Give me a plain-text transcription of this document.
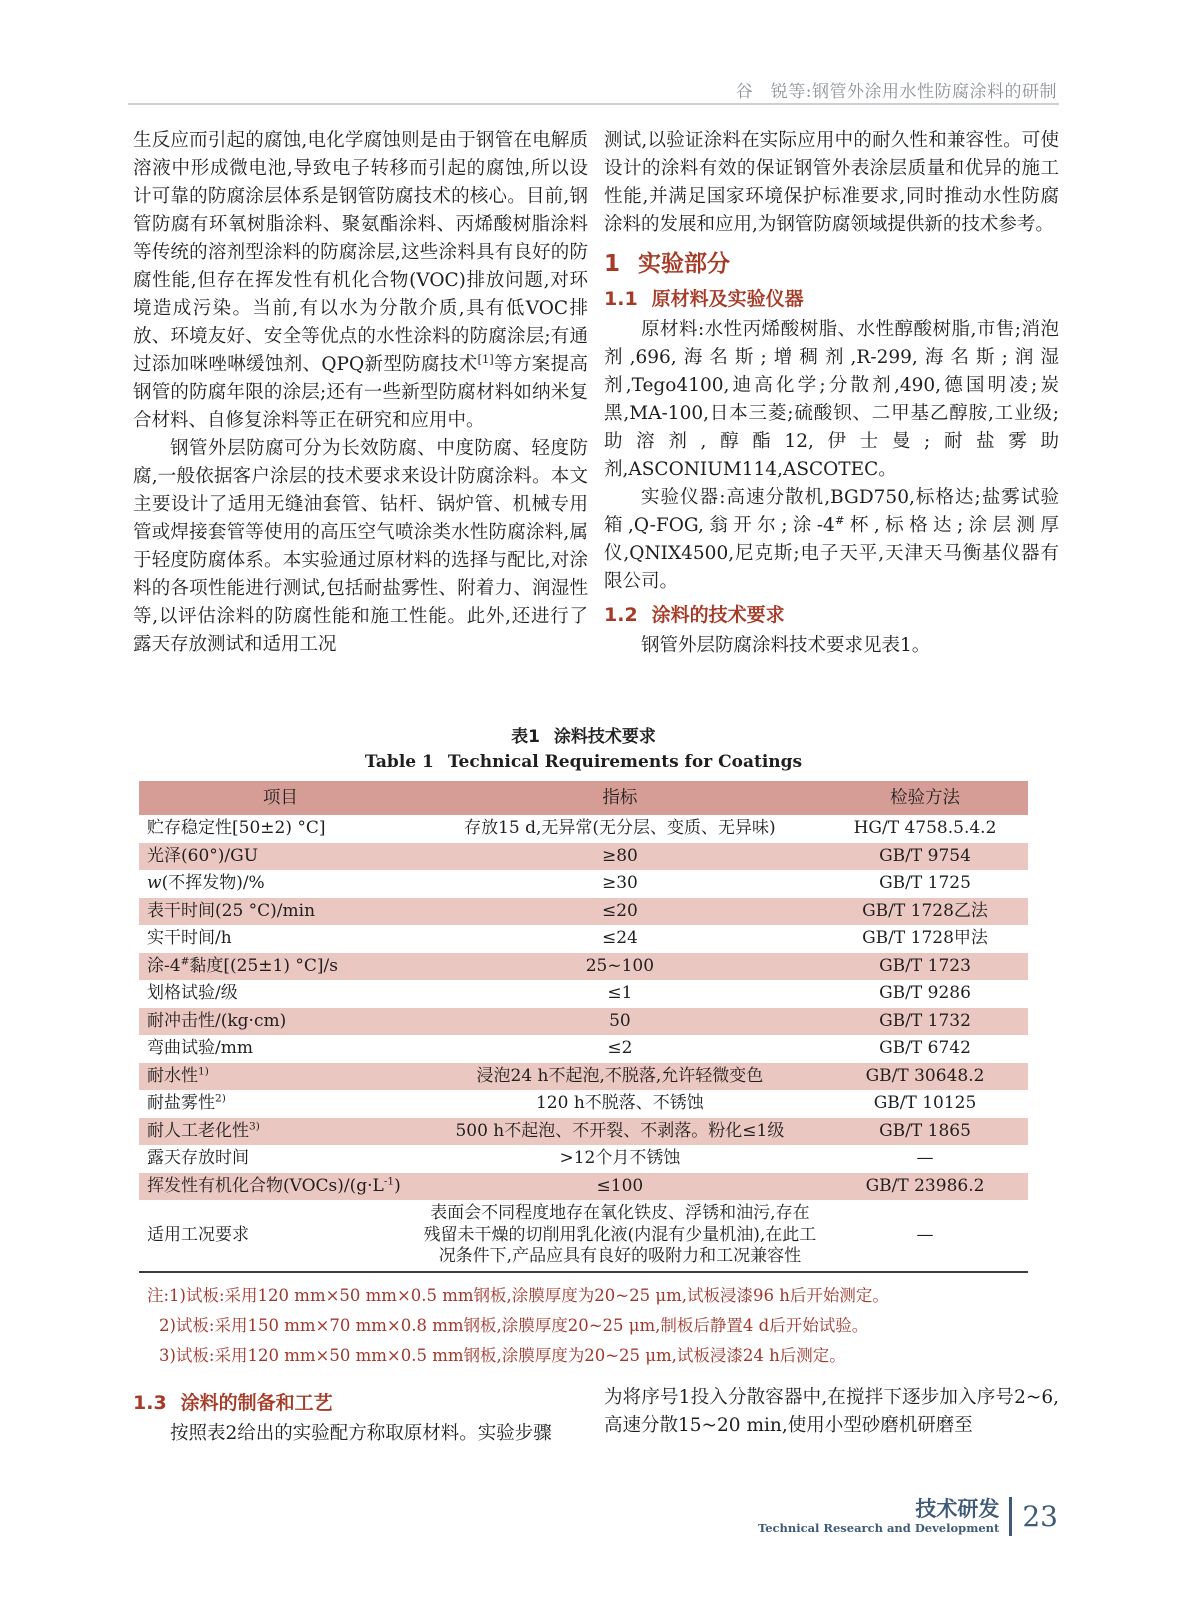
谷　锐等:钢管外涂用水性防腐涂料的研制

生反应而引起的腐蚀,电化学腐蚀则是由于钢管在电解质溶液中形成微电池,导致电子转移而引起的腐蚀,所以设计可靠的防腐涂层体系是钢管防腐技术的核心。目前,钢管防腐有环氧树脂涂料、聚氨酯涂料、丙烯酸树脂涂料等传统的溶剂型涂料的防腐涂层,这些涂料具有良好的防腐性能,但存在挥发性有机化合物(VOC)排放问题,对环境造成污染。当前,有以水为分散介质,具有低VOC排放、环境友好、安全等优点的水性涂料的防腐涂层;有通过添加咪唑啉缓蚀剂、QPQ新型防腐技术[1]等方案提高钢管的防腐年限的涂层;还有一些新型防腐材料如纳米复合材料、自修复涂料等正在研究和应用中。

钢管外层防腐可分为长效防腐、中度防腐、轻度防腐,一般依据客户涂层的技术要求来设计防腐涂料。本文主要设计了适用无缝油套管、钻杆、锅炉管、机械专用管或焊接套管等使用的高压空气喷涂类水性防腐涂料,属于轻度防腐体系。本实验通过原材料的选择与配比,对涂料的各项性能进行测试,包括耐盐雾性、附着力、润湿性等,以评估涂料的防腐性能和施工性能。此外,还进行了露天存放测试和适用工况

测试,以验证涂料在实际应用中的耐久性和兼容性。可使设计的涂料有效的保证钢管外表涂层质量和优异的施工性能,并满足国家环境保护标准要求,同时推动水性防腐涂料的发展和应用,为钢管防腐领域提供新的技术参考。

1 实验部分
1.1 原材料及实验仪器

原材料:水性丙烯酸树脂、水性醇酸树脂,市售;消泡剂,696,海名斯;增稠剂,R-299,海名斯;润湿剂,Tego4100,迪高化学;分散剂,490,德国明凌;炭黑,MA-100,日本三菱;硫酸钡、二甲基乙醇胺,工业级;助溶剂,醇酯12,伊士曼;耐盐雾助剂,ASCONIUM114,ASCOTEC。

实验仪器:高速分散机,BGD750,标格达;盐雾试验箱,Q-FOG,翁开尔;涂-4#杯,标格达;涂层测厚仪,QNIX4500,尼克斯;电子天平,天津天马衡基仪器有限公司。

1.2 涂料的技术要求

钢管外层防腐涂料技术要求见表1。

表1 涂料技术要求
Table 1 Technical Requirements for Coatings
项目	指标	检验方法
贮存稳定性[50±2) °C]	存放15 d,无异常(无分层、变质、无异味)	HG/T 4758.5.4.2
光泽(60°)/GU	≥80	GB/T 9754
w(不挥发物)/%	≥30	GB/T 1725
表干时间(25 °C)/min	≤20	GB/T 1728乙法
实干时间/h	≤24	GB/T 1728甲法
涂-4#黏度[(25±1) °C]/s	25~100	GB/T 1723
划格试验/级	≤1	GB/T 9286
耐冲击性/(kg·cm)	50	GB/T 1732
弯曲试验/mm	≤2	GB/T 6742
耐水性$^{1)}$	浸泡24 h不起泡,不脱落,允许轻微变色	GB/T 30648.2
耐盐雾性$^{2)}$	120 h不脱落、不锈蚀	GB/T 10125
耐人工老化性$^{3)}$	500 h不起泡、不开裂、不剥落。粉化≤1级	GB/T 1865
露天存放时间	>12个月不锈蚀	—
挥发性有机化合物$(VOCs)/(g\cdot L^{-1})$	≤100	GB/T 23986.2
适用工况要求	表面会不同程度地存在氧化铁皮、浮锈和油污,存在残留未干燥的切削用乳化液(内混有少量机油),在此工况条件下,产品应具有良好的吸附力和工况兼容性	—
注:1)试板:采用120 mm×50 mm×0.5 mm钢板,涂膜厚度为20~25 μm,试板浸漆96 h后开始测定。
2)试板:采用150 mm×70 mm×0.8 mm钢板,涂膜厚度20~25 μm,制板后静置4 d后开始试验。
3)试板:采用120 mm×50 mm×0.5 mm钢板,涂膜厚度为20~25 μm,试板浸漆24 h后测定。
1.3 涂料的制备和工艺

按照表2给出的实验配方称取原材料。实验步骤

为将序号1投入分散容器中,在搅拌下逐步加入序号2~6,高速分散15~20 min,使用小型砂磨机研磨至

技术研发
Technical Research and Development 23
